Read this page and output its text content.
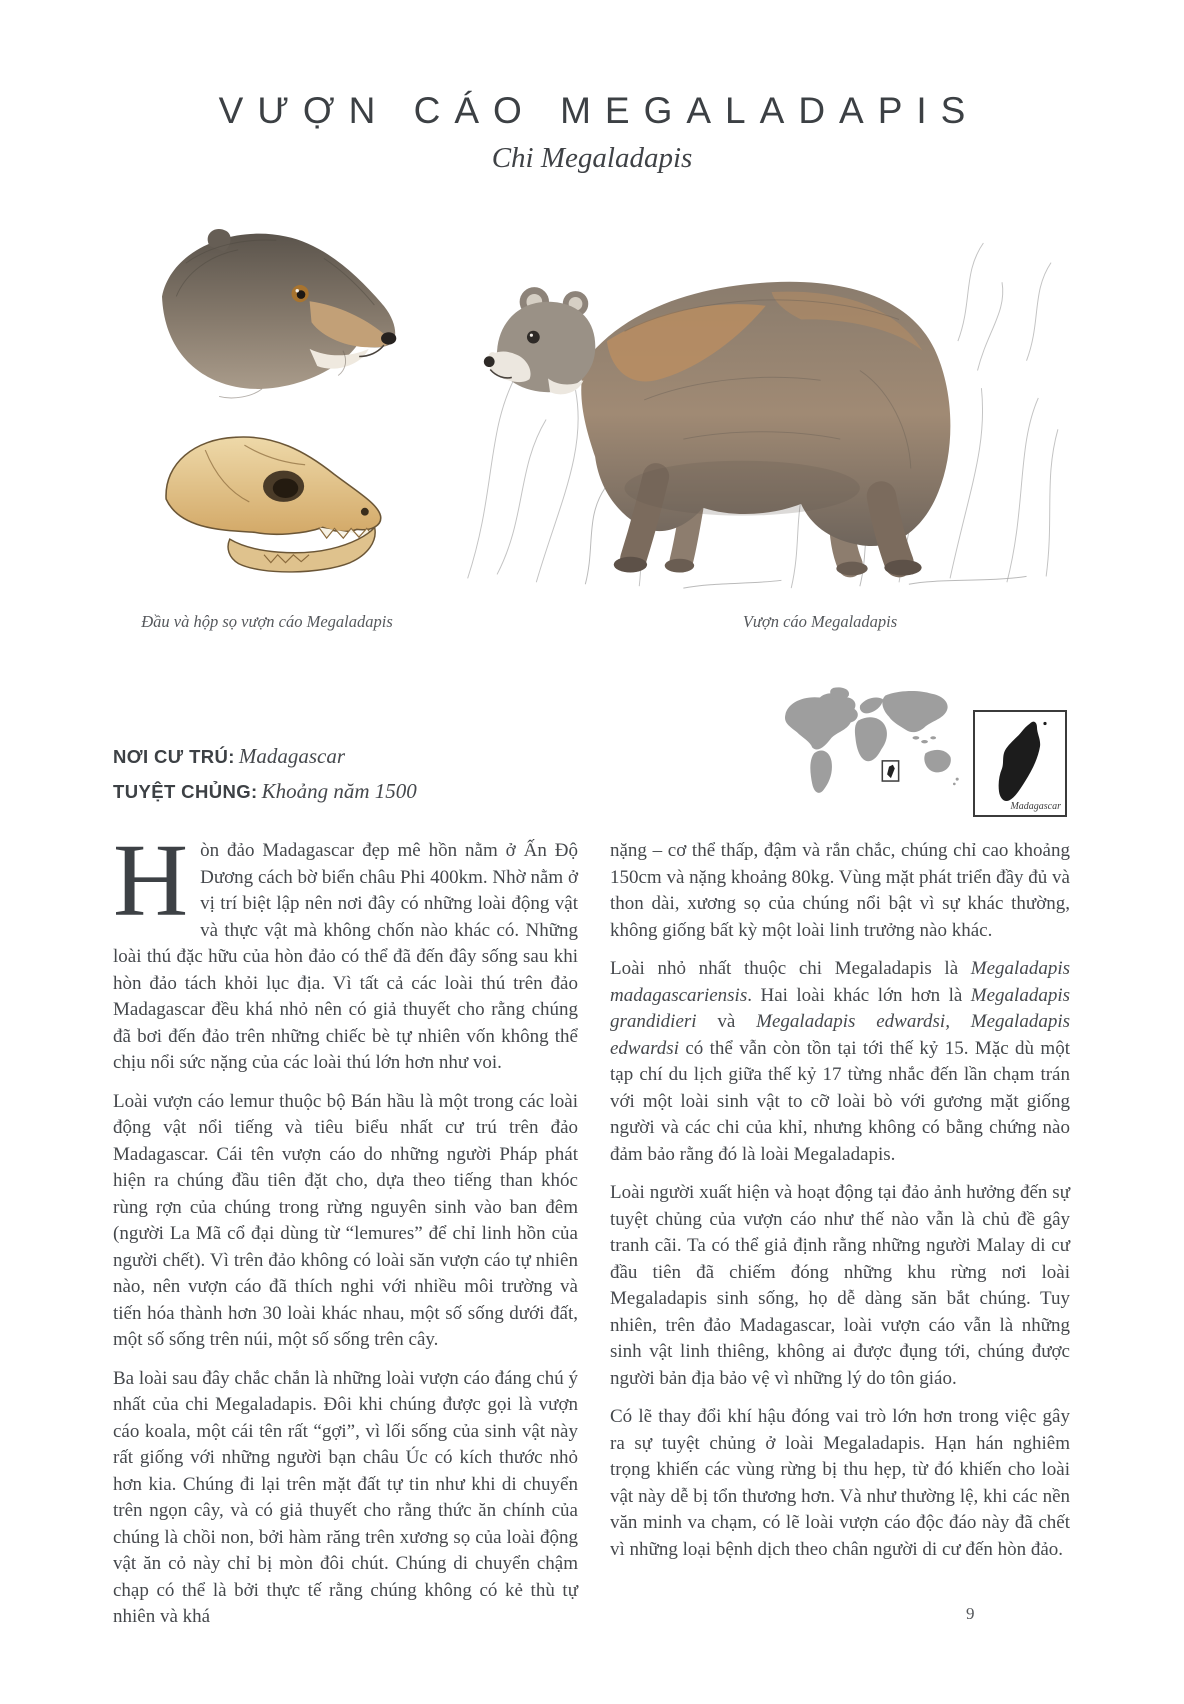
VƯỢN CÁO MEGALADAPIS
Chi Megaladapis
Đầu và hộp sọ vượn cáo Megaladapis	Vượn cáo Megaladapis
NƠI CƯ TRÚ: Madagascar
TUYỆT CHỦNG: Khoảng năm 1500
Madagascar

Hòn đảo Madagascar đẹp mê hồn nằm ở Ấn Độ Dương cách bờ biển châu Phi 400km. Nhờ nằm ở vị trí biệt lập nên nơi đây có những loài động vật và thực vật mà không chốn nào khác có. Những loài thú đặc hữu của hòn đảo có thể đã đến đây sống sau khi hòn đảo tách khỏi lục địa. Vì tất cả các loài thú trên đảo Madagascar đều khá nhỏ nên có giả thuyết cho rằng chúng đã bơi đến đảo trên những chiếc bè tự nhiên vốn không thể chịu nổi sức nặng của các loài thú lớn hơn như voi.

Loài vượn cáo lemur thuộc bộ Bán hầu là một trong các loài động vật nổi tiếng và tiêu biểu nhất cư trú trên đảo Madagascar. Cái tên vượn cáo do những người Pháp phát hiện ra chúng đầu tiên đặt cho, dựa theo tiếng than khóc rùng rợn của chúng trong rừng nguyên sinh vào ban đêm (người La Mã cổ đại dùng từ “lemures” để chỉ linh hồn của người chết). Vì trên đảo không có loài săn vượn cáo tự nhiên nào, nên vượn cáo đã thích nghi với nhiều môi trường và tiến hóa thành hơn 30 loài khác nhau, một số sống dưới đất, một số sống trên núi, một số sống trên cây.

Ba loài sau đây chắc chắn là những loài vượn cáo đáng chú ý nhất của chi Megaladapis. Đôi khi chúng được gọi là vượn cáo koala, một cái tên rất “gợi”, vì lối sống của sinh vật này rất giống với những người bạn châu Úc có kích thước nhỏ hơn kia. Chúng đi lại trên mặt đất tự tin như khi di chuyển trên ngọn cây, và có giả thuyết cho rằng thức ăn chính của chúng là chồi non, bởi hàm răng trên xương sọ của loài động vật ăn cỏ này chỉ bị mòn đôi chút. Chúng di chuyển chậm chạp có thể là bởi thực tế rằng chúng không có kẻ thù tự nhiên và khá

nặng – cơ thể thấp, đậm và rắn chắc, chúng chỉ cao khoảng 150cm và nặng khoảng 80kg. Vùng mặt phát triển đầy đủ và thon dài, xương sọ của chúng nổi bật vì sự khác thường, không giống bất kỳ một loài linh trưởng nào khác.

Loài nhỏ nhất thuộc chi Megaladapis là Megaladapis madagascariensis. Hai loài khác lớn hơn là Megaladapis grandidieri và Megaladapis edwardsi, Megaladapis edwardsi có thể vẫn còn tồn tại tới thế kỷ 15. Mặc dù một tạp chí du lịch giữa thế kỷ 17 từng nhắc đến lần chạm trán với một loài sinh vật to cỡ loài bò với gương mặt giống người và các chi của khỉ, nhưng không có bằng chứng nào đảm bảo rằng đó là loài Megaladapis.

Loài người xuất hiện và hoạt động tại đảo ảnh hưởng đến sự tuyệt chủng của vượn cáo như thế nào vẫn là chủ đề gây tranh cãi. Ta có thể giả định rằng những người Malay di cư đầu tiên đã chiếm đóng những khu rừng nơi loài Megaladapis sinh sống, họ dễ dàng săn bắt chúng. Tuy nhiên, trên đảo Madagascar, loài vượn cáo vẫn là những sinh vật linh thiêng, không ai được đụng tới, chúng được người bản địa bảo vệ vì những lý do tôn giáo.

Có lẽ thay đổi khí hậu đóng vai trò lớn hơn trong việc gây ra sự tuyệt chủng ở loài Megaladapis. Hạn hán nghiêm trọng khiến các vùng rừng bị thu hẹp, từ đó khiến cho loài vật này dễ bị tổn thương hơn. Và như thường lệ, khi các nền văn minh va chạm, có lẽ loài vượn cáo độc đáo này đã chết vì những loại bệnh dịch theo chân người di cư đến hòn đảo.

9
